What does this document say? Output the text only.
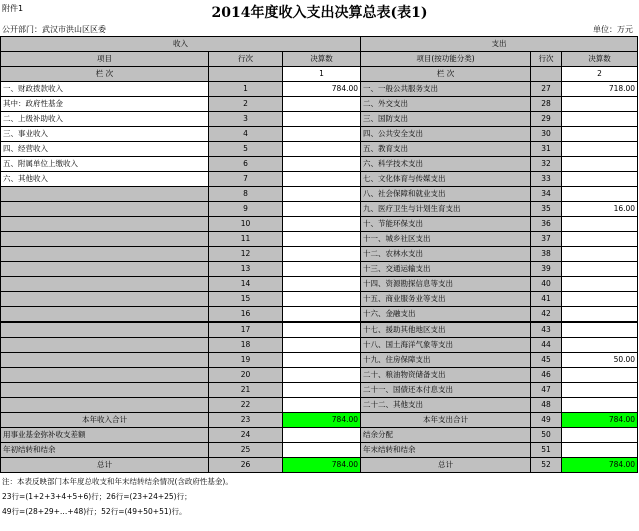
附件1	2014年度收入支出决算总表(表1)
公开部门：武汉市洪山区区委	单位：万元
收入			支出		
项目	行次	决算数	项目(按功能分类)	行次	决算数
栏 次		1	栏 次		2
一、财政拨款收入	1	784.00	一、一般公共服务支出	27	718.00
其中：政府性基金	2		二、外交支出	28	
二、上级补助收入	3		三、国防支出	29	
三、事业收入	4		四、公共安全支出	30	
四、经营收入	5		五、教育支出	31	
五、附属单位上缴收入	6		六、科学技术支出	32	
六、其他收入	7		七、文化体育与传媒支出	33	
	8		八、社会保障和就业支出	34	
	9		九、医疗卫生与计划生育支出	35	16.00
	10		十、节能环保支出	36	
	11		十一、城乡社区支出	37	
	12		十二、农林水支出	38	
	13		十三、交通运输支出	39	
	14		十四、资源勘探信息等支出	40	
	15		十五、商业服务业等支出	41	
	16		十六、金融支出	42	
	17		十七、援助其他地区支出	43	
	18		十八、国土海洋气象等支出	44	
	19		十九、住房保障支出	45	50.00
	20		二十、粮油物资储备支出	46	
	21		二十一、国债还本付息支出	47	
	22		二十二、其他支出	48	
本年收入合计	23	784.00	本年支出合计	49	784.00
用事业基金弥补收支差额	24		结余分配	50	
年初结转和结余	25		年末结转和结余	51	
总计	26	784.00	总计	52	784.00
注：本表反映部门本年度总收支和年末结转结余情况(含政府性基金)。
23行=(1+2+3+4+5+6)行；26行=(23+24+25)行；
49行=(28+29+…+48)行；52行=(49+50+51)行。
